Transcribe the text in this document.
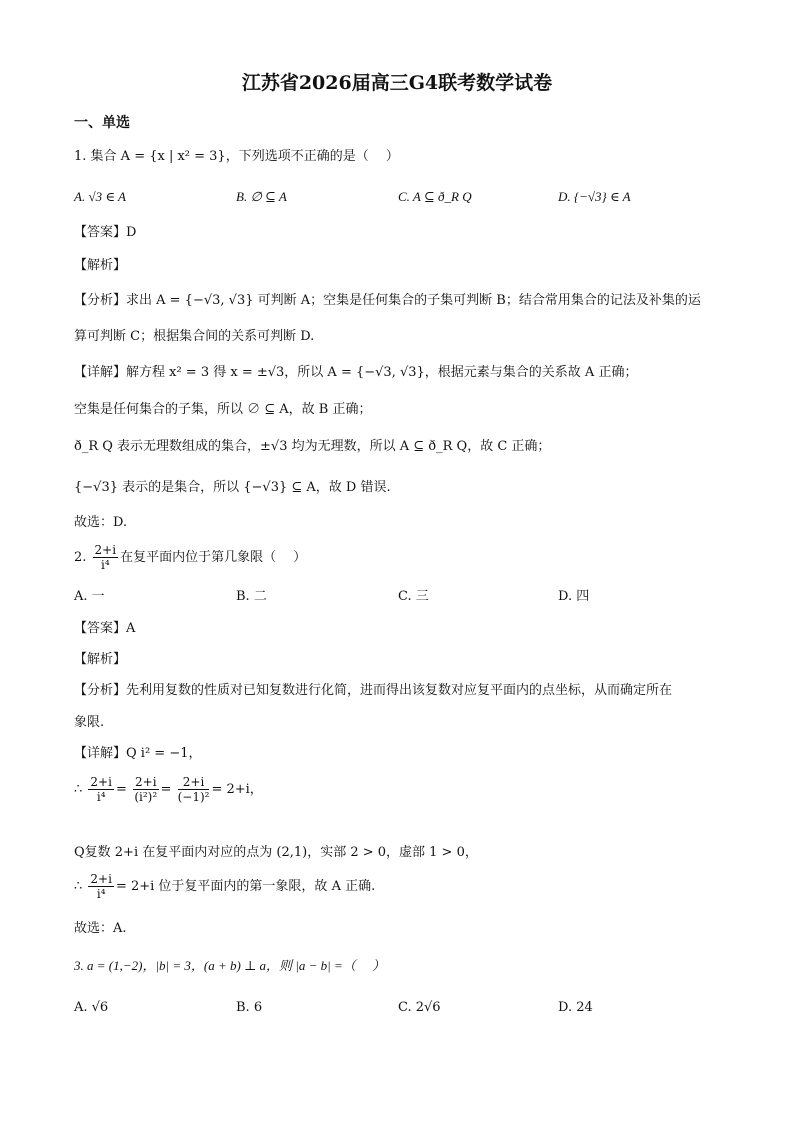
江苏省2026届高三G4联考数学试卷
一、单选
1. 集合 A = {x | x² = 3}，下列选项不正确的是（　 ）
A. √3 ∈ A	B. ∅ ⊆ A	C. A ⊆ ð_R Q	D. {−√3} ∈ A
【答案】D
【解析】
【分析】求出 A = {−√3, √3} 可判断 A；空集是任何集合的子集可判断 B；结合常用集合的记法及补集的运
算可判断 C；根据集合间的关系可判断 D.
【详解】解方程 x² = 3 得 x = ±√3，所以 A = {−√3, √3}，根据元素与集合的关系故 A 正确；
空集是任何集合的子集，所以 ∅ ⊆ A，故 B 正确；
ð_R Q 表示无理数组成的集合，±√3 均为无理数，所以 A ⊆ ð_R Q，故 C 正确；
{−√3} 表示的是集合，所以 {−√3} ⊆ A，故 D 错误.
故选：D.
2. $\frac{2+i}{\text{i⁴}}$ 在复平面内位于第几象限（　 ）
A. 一	B. 二	C. 三	D. 四
【答案】A
【解析】
【分析】先利用复数的性质对已知复数进行化简，进而得出该复数对应复平面内的点坐标，从而确定所在
象限.
【详解】Q i² = −1，
∴ $\frac{2+i}{\text{i⁴}} = \frac{2+i}{\text{(i²)²}} = \frac{2+i}{\text{(−1)²}} = 2+i$，
Q复数 2+i 在复平面内对应的点为 (2,1)，实部 2 > 0，虚部 1 > 0，
∴ $\frac{2+i}{\text{i⁴}} = 2+i$ 位于复平面内的第一象限，故 A 正确.
故选：A.
3. a = (1,−2)，|b| = 3，(a + b) ⊥ a，则 |a − b| =（　 ）
A. √6	B. 6	C. 2√6	D. 24
